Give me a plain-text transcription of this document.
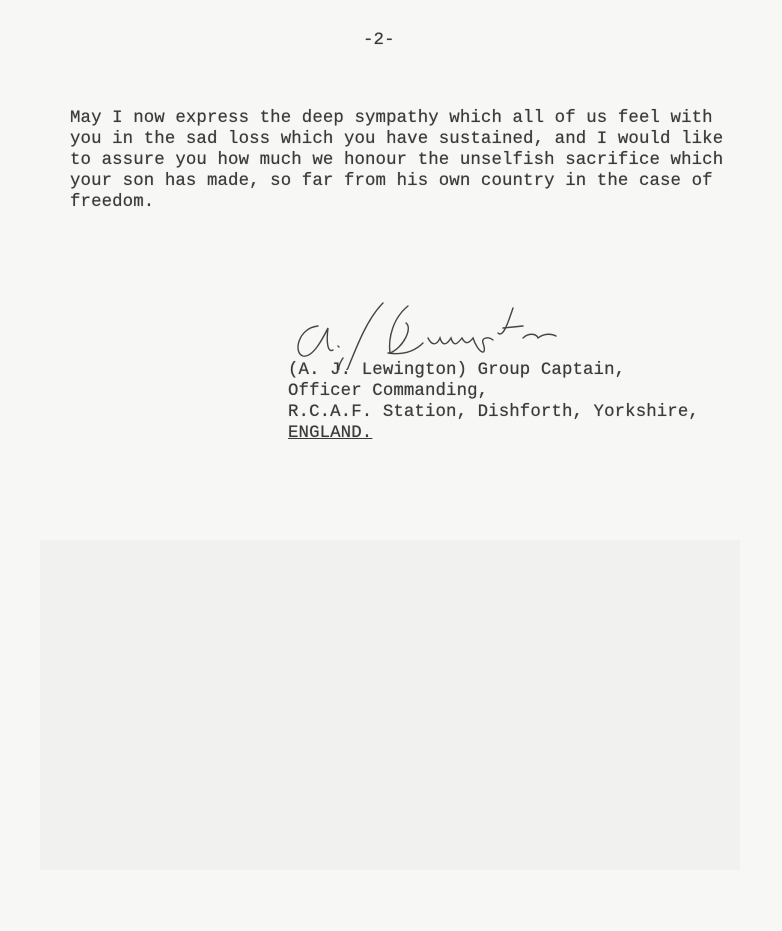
-2-
May I now express the deep sympathy which all of us feel with
you in the sad loss which you have sustained, and I would like
to assure you how much we honour the unselfish sacrifice which
your son has made, so far from his own country in the case of
freedom.
(A. J. Lewington) Group Captain,
Officer Commanding,
R.C.A.F. Station, Dishforth, Yorkshire,
ENGLAND.
